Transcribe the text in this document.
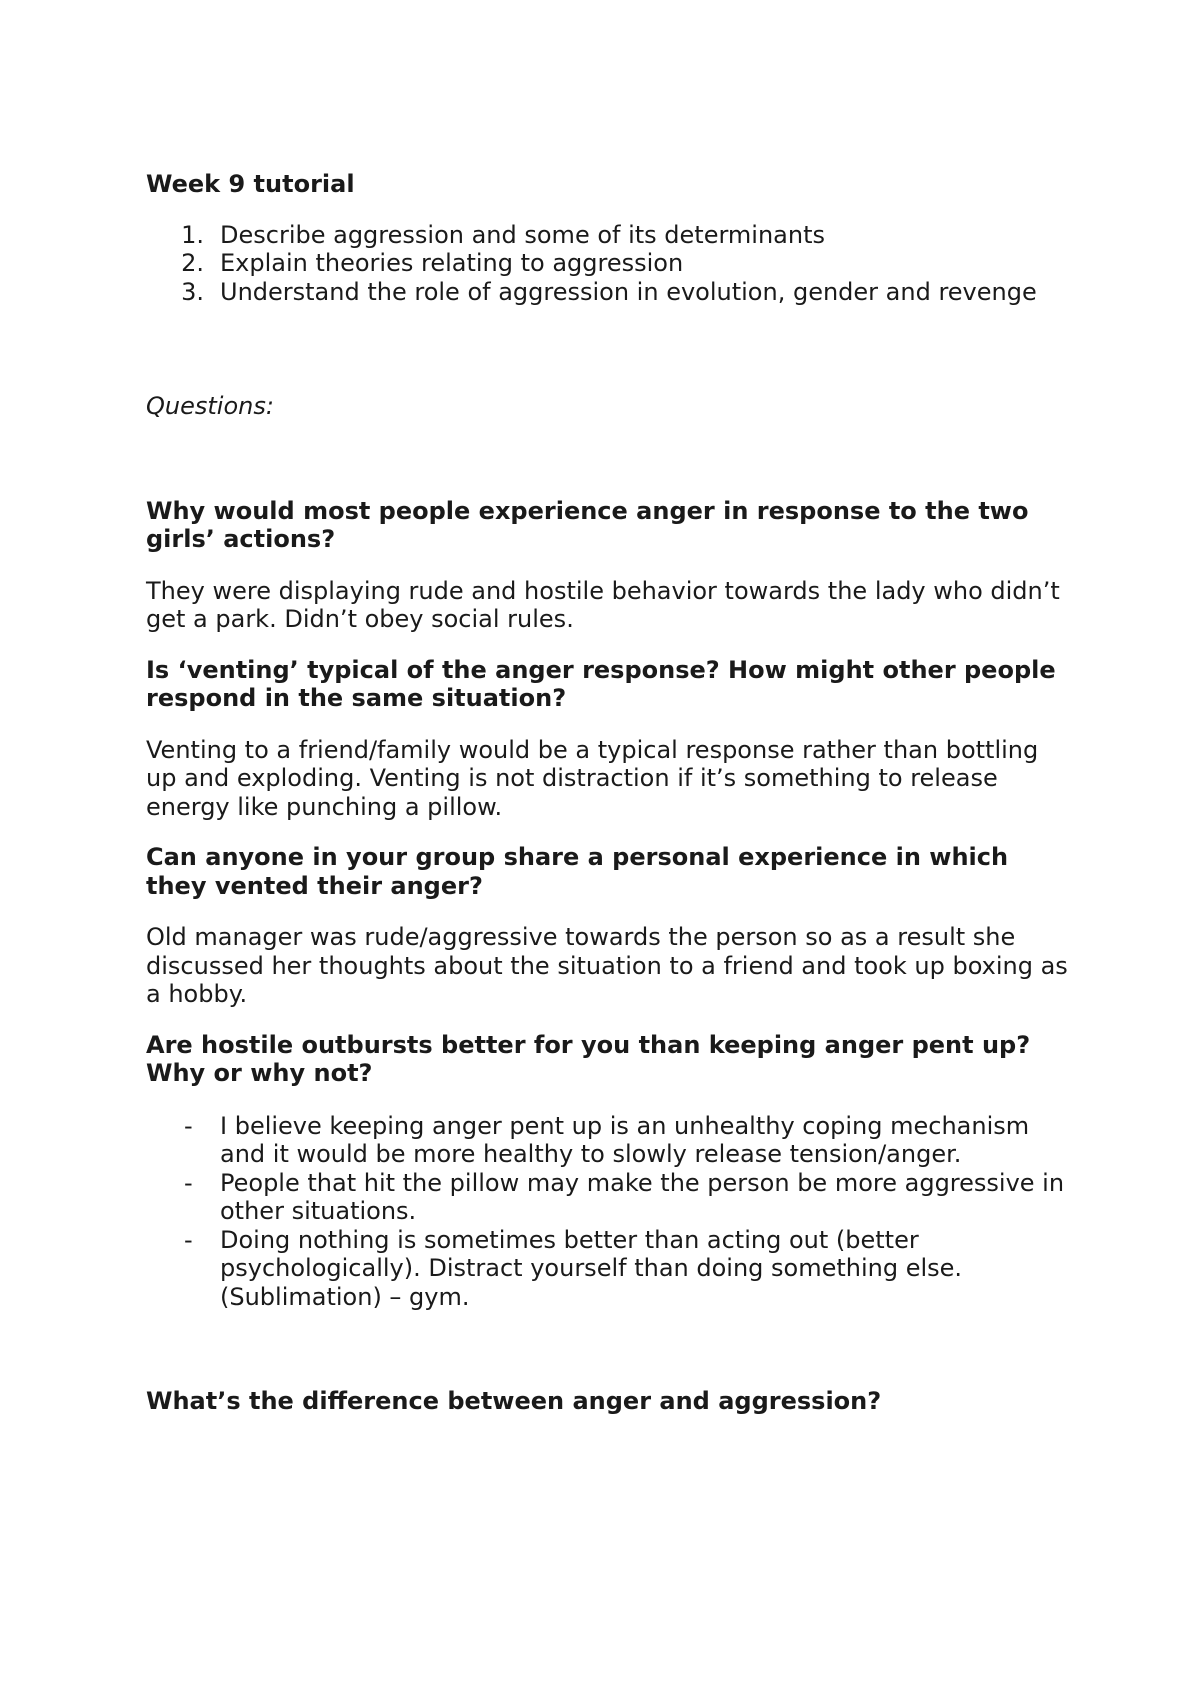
Week 9 tutorial

1. Describe aggression and some of its determinants
2. Explain theories relating to aggression
3. Understand the role of aggression in evolution, gender and revenge

Questions:

Why would most people experience anger in response to the two girls’ actions?

They were displaying rude and hostile behavior towards the lady who didn’t get a park. Didn’t obey social rules.

Is ‘venting’ typical of the anger response? How might other people respond in the same situation?

Venting to a friend/family would be a typical response rather than bottling up and exploding. Venting is not distraction if it’s something to release energy like punching a pillow.

Can anyone in your group share a personal experience in which they vented their anger?

Old manager was rude/aggressive towards the person so as a result she discussed her thoughts about the situation to a friend and took up boxing as a hobby.

Are hostile outbursts better for you than keeping anger pent up? Why or why not?

- I believe keeping anger pent up is an unhealthy coping mechanism and it would be more healthy to slowly release tension/anger.
- People that hit the pillow may make the person be more aggressive in other situations.
- Doing nothing is sometimes better than acting out (better psychologically). Distract yourself than doing something else. (Sublimation) – gym.

What’s the difference between anger and aggression?
